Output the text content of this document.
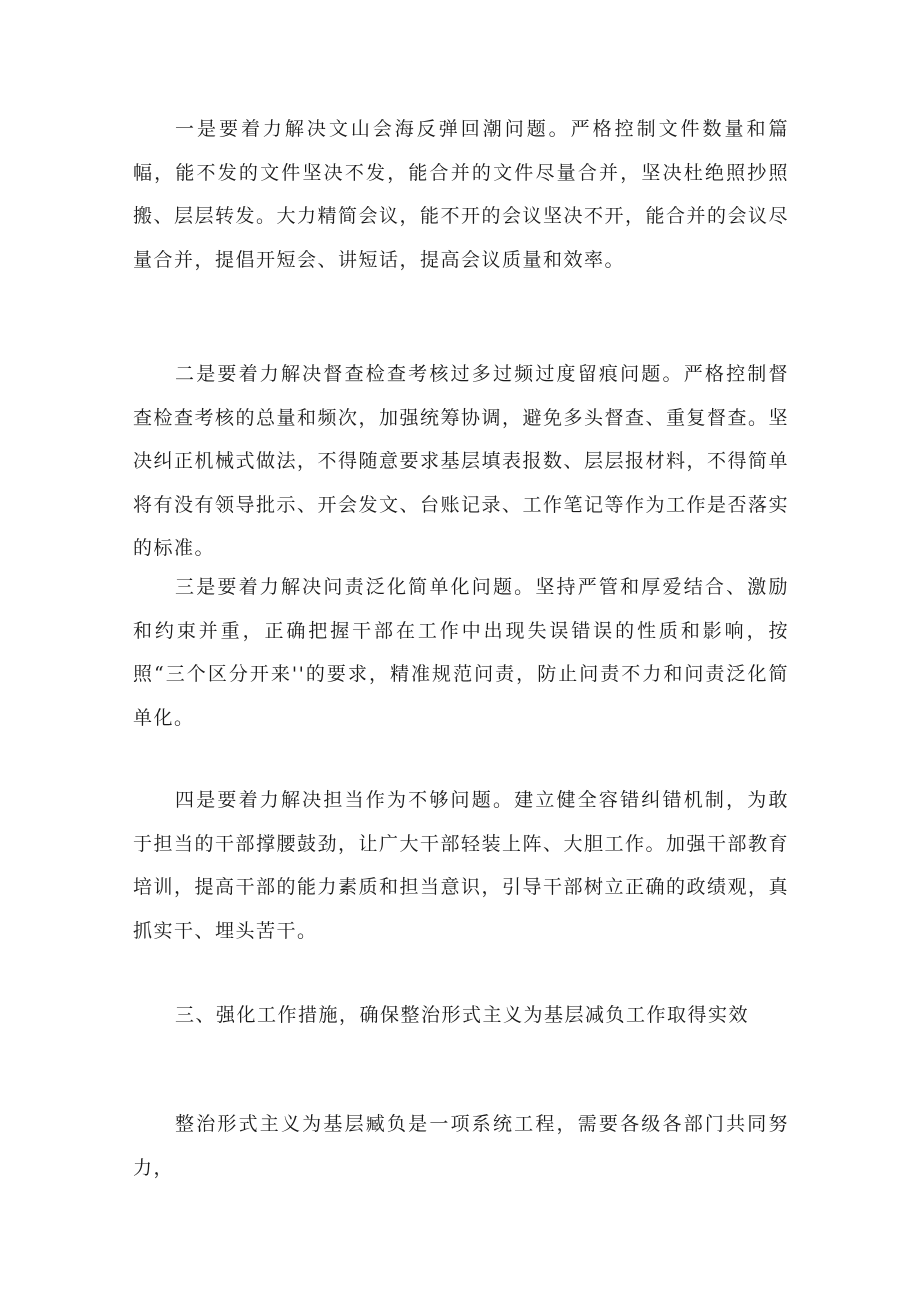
一是要着力解决文山会海反弹回潮问题。严格控制文件数量和篇幅，能不发的文件坚决不发，能合并的文件尽量合并，坚决杜绝照抄照搬、层层转发。大力精简会议，能不开的会议坚决不开，能合并的会议尽量合并，提倡开短会、讲短话，提高会议质量和效率。

二是要着力解决督查检查考核过多过频过度留痕问题。严格控制督查检查考核的总量和频次，加强统筹协调，避免多头督查、重复督查。坚决纠正机械式做法，不得随意要求基层填表报数、层层报材料，不得简单将有没有领导批示、开会发文、台账记录、工作笔记等作为工作是否落实的标准。

三是要着力解决问责泛化简单化问题。坚持严管和厚爱结合、激励和约束并重，正确把握干部在工作中出现失误错误的性质和影响，按照“三个区分开来''的要求，精准规范问责，防止问责不力和问责泛化简单化。

四是要着力解决担当作为不够问题。建立健全容错纠错机制，为敢于担当的干部撑腰鼓劲，让广大干部轻装上阵、大胆工作。加强干部教育培训，提高干部的能力素质和担当意识，引导干部树立正确的政绩观，真抓实干、埋头苦干。

三、强化工作措施，确保整治形式主义为基层减负工作取得实效

整治形式主义为基层臧负是一项系统工程，需要各级各部门共同努力，
